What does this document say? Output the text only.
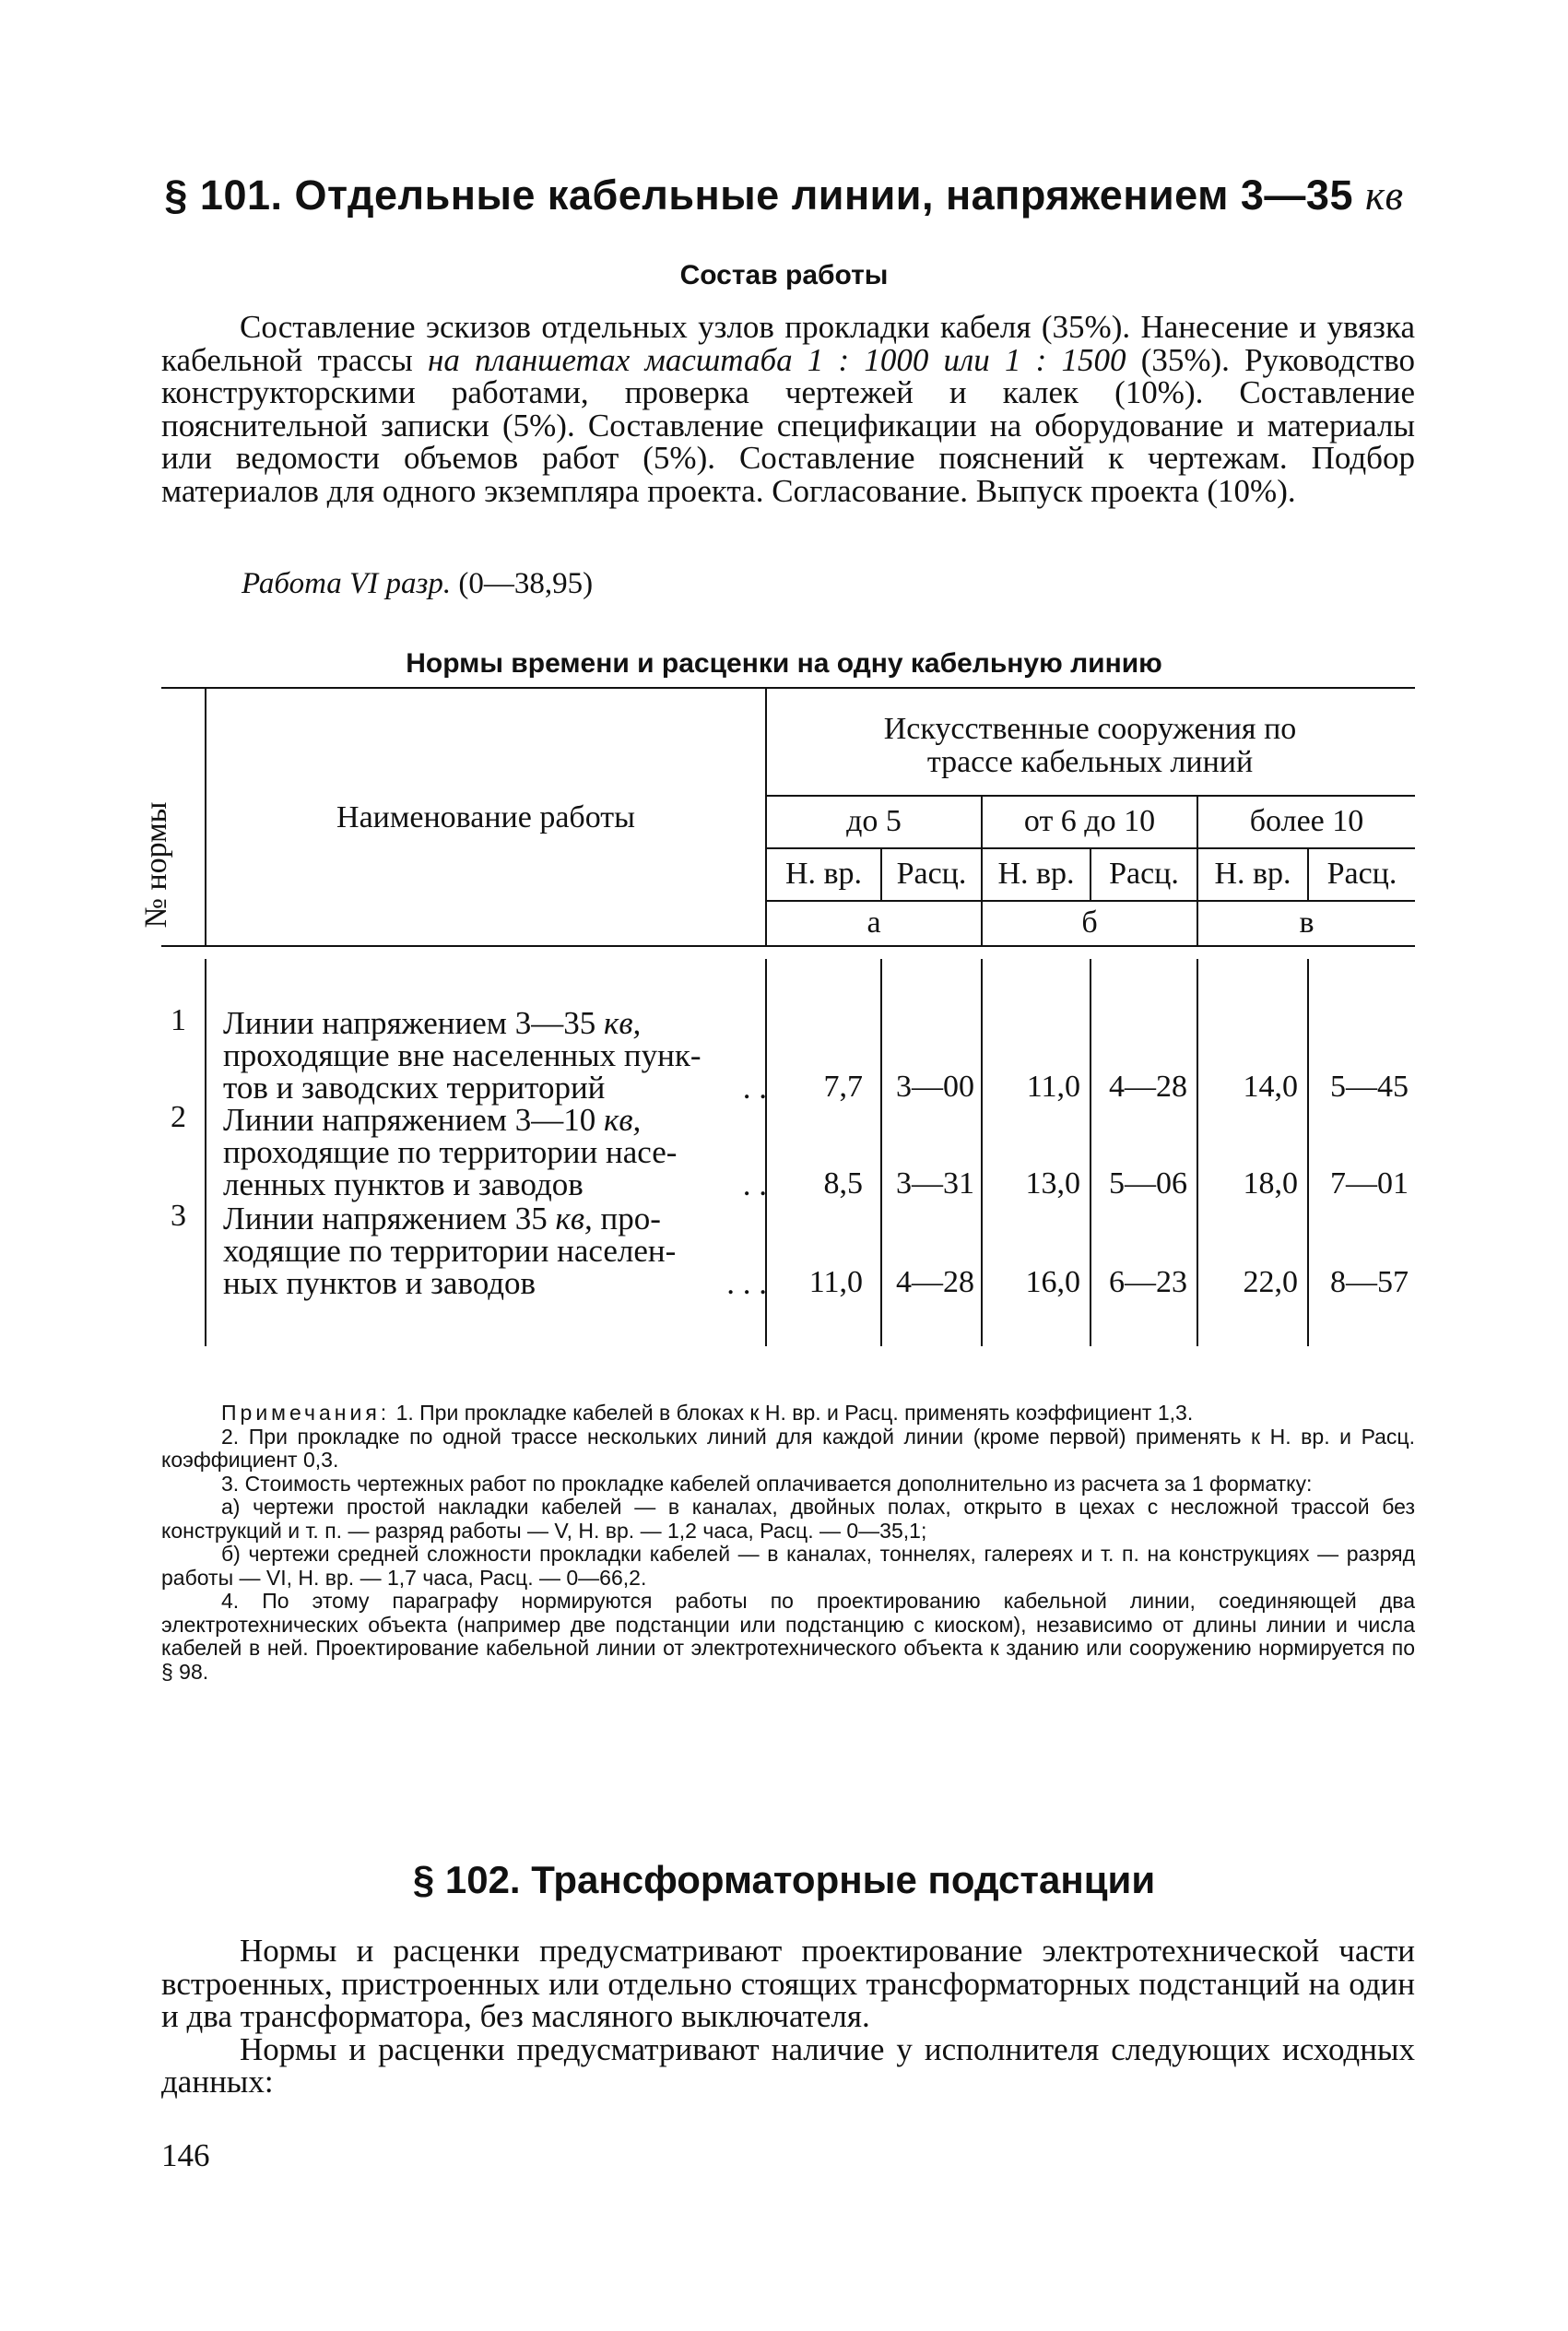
§ 101. Отдельные кабельные линии, напряжением 3—35 кв
Состав работы

Составление эскизов отдельных узлов прокладки кабеля (35%). Нанесение и увязка кабельной трассы на планшетах масштаба 1 : 1000 или 1 : 1500 (35%). Руководство конструкторскими работами, проверка чертежей и калек (10%). Составление пояснительной записки (5%). Составление спецификации на оборудование и материалы или ведомости объемов работ (5%). Составление пояснений к чертежам. Подбор материалов для одного экземпляра проекта. Согласование. Выпуск проекта (10%).

Работа VI разр. (0—38,95)
Нормы времени и расценки на одну кабельную линию
№ нормы	Наименование работы
Искусственные сооружения по
трассе кабельных линий
до 5	от 6 до 10	более 10
Н. вр.	Расц.	Н. вр.	Расц.	Н. вр.	Расц.
а	б	в
1 Линии напряжением 3—35 кв,
проходящие вне населенных пунк-
тов и заводских территорий	. .	7,7	3—00	11,0 4—28	14,0	5—45
2 Линии напряжением 3—10 кв,
проходящие по территории насе-
ленных пунктов и заводов	. .	8,5	3—31	13,0 5—06	18,0	7—01
3 Линии напряжением 35 кв, про-
ходящие по территории населен-
ных пунктов и заводов	. . .	11,0	4—28	16,0 6—23	22,0	8—57

Примечания: 1. При прокладке кабелей в блоках к Н. вр. и Расц. применять коэффициент 1,3.

2. При прокладке по одной трассе нескольких линий для каждой линии (кроме первой) применять к Н. вр. и Расц. коэффициент 0,3.

3. Стоимость чертежных работ по прокладке кабелей оплачивается дополнительно из расчета за 1 форматку:

а) чертежи простой накладки кабелей — в каналах, двойных полах, открыто в цехах с несложной трассой без конструкций и т. п. — разряд работы — V, Н. вр. — 1,2 часа, Расц. — 0—35,1;

б) чертежи средней сложности прокладки кабелей — в каналах, тоннелях, галереях и т. п. на конструкциях — разряд работы — VI, Н. вр. — 1,7 часа, Расц. — 0—66,2.

4. По этому параграфу нормируются работы по проектированию кабельной линии, соединяющей два электротехнических объекта (например две подстанции или подстанцию с киоском), независимо от длины линии и числа кабелей в ней. Проектирование кабельной линии от электротехнического объекта к зданию или сооружению нормируется по § 98.

§ 102. Трансформаторные подстанции

Нормы и расценки предусматривают проектирование электротехнической части встроенных, пристроенных или отдельно стоящих трансформаторных подстанций на один и два трансформатора, без масляного выключателя.

Нормы и расценки предусматривают наличие у исполнителя следующих исходных данных:

146
